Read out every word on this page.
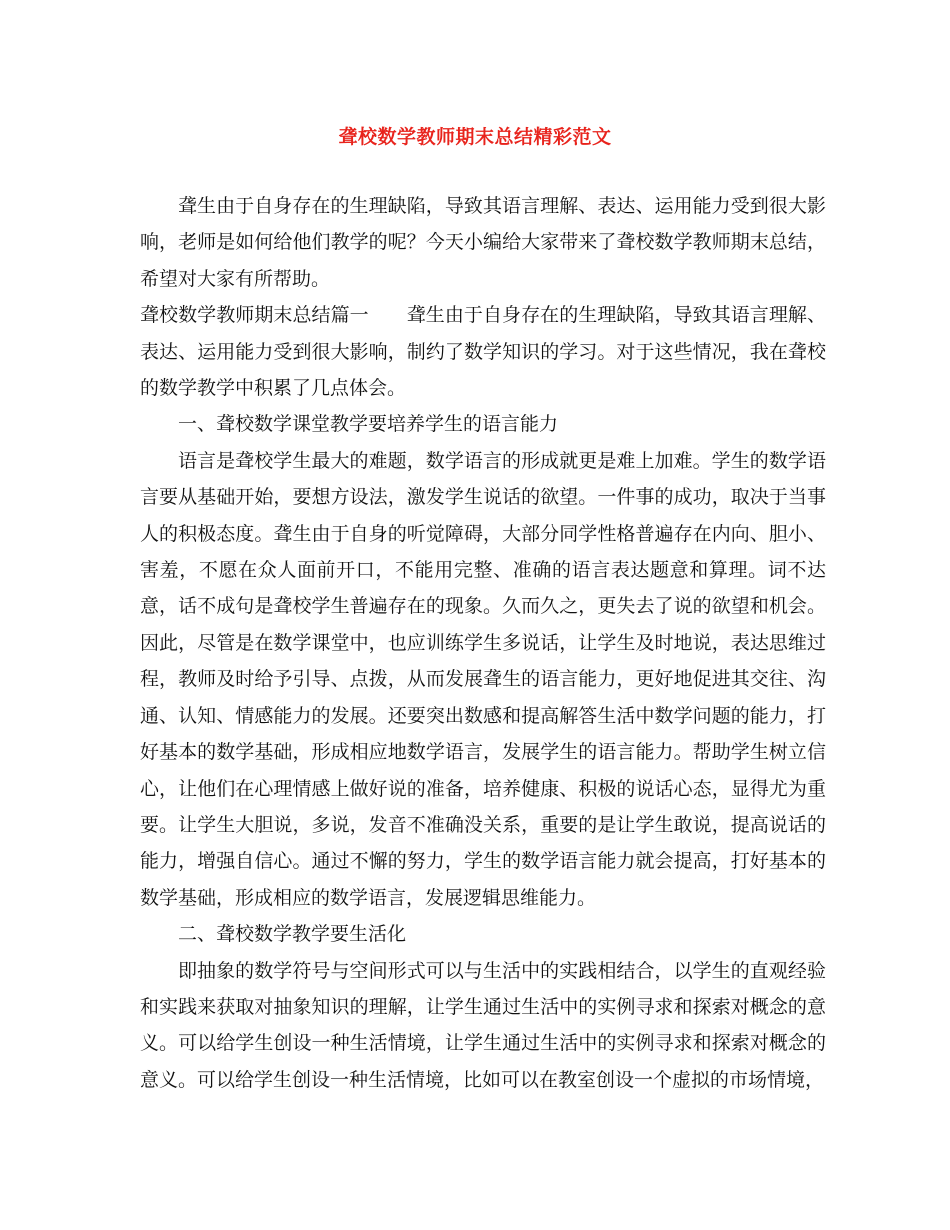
聋校数学教师期末总结精彩范文

聋生由于自身存在的生理缺陷，导致其语言理解、表达、运用能力受到很大影响，老师是如何给他们教学的呢？今天小编给大家带来了聋校数学教师期末总结，希望对大家有所帮助。

聋校数学教师期末总结篇一 聋生由于自身存在的生理缺陷，导致其语言理解、表达、运用能力受到很大影响，制约了数学知识的学习。对于这些情况，我在聋校的数学教学中积累了几点体会。

一、聋校数学课堂教学要培养学生的语言能力

语言是聋校学生最大的难题，数学语言的形成就更是难上加难。学生的数学语言要从基础开始，要想方设法，激发学生说话的欲望。一件事的成功，取决于当事人的积极态度。聋生由于自身的听觉障碍，大部分同学性格普遍存在内向、胆小、害羞，不愿在众人面前开口，不能用完整、准确的语言表达题意和算理。词不达意，话不成句是聋校学生普遍存在的现象。久而久之，更失去了说的欲望和机会。因此，尽管是在数学课堂中，也应训练学生多说话，让学生及时地说，表达思维过程，教师及时给予引导、点拨，从而发展聋生的语言能力，更好地促进其交往、沟通、认知、情感能力的发展。还要突出数感和提高解答生活中数学问题的能力，打好基本的数学基础，形成相应地数学语言，发展学生的语言能力。帮助学生树立信心，让他们在心理情感上做好说的准备，培养健康、积极的说话心态，显得尤为重要。让学生大胆说，多说，发音不准确没关系，重要的是让学生敢说，提高说话的能力，增强自信心。通过不懈的努力，学生的数学语言能力就会提高，打好基本的数学基础，形成相应的数学语言，发展逻辑思维能力。

二、聋校数学教学要生活化

即抽象的数学符号与空间形式可以与生活中的实践相结合，以学生的直观经验和实践来获取对抽象知识的理解，让学生通过生活中的实例寻求和探索对概念的意义。可以给学生创设一种生活情境，让学生通过生活中的实例寻求和探索对概念的意义。可以给学生创设一种生活情境，比如可以在教室创设一个虚拟的市场情境，
